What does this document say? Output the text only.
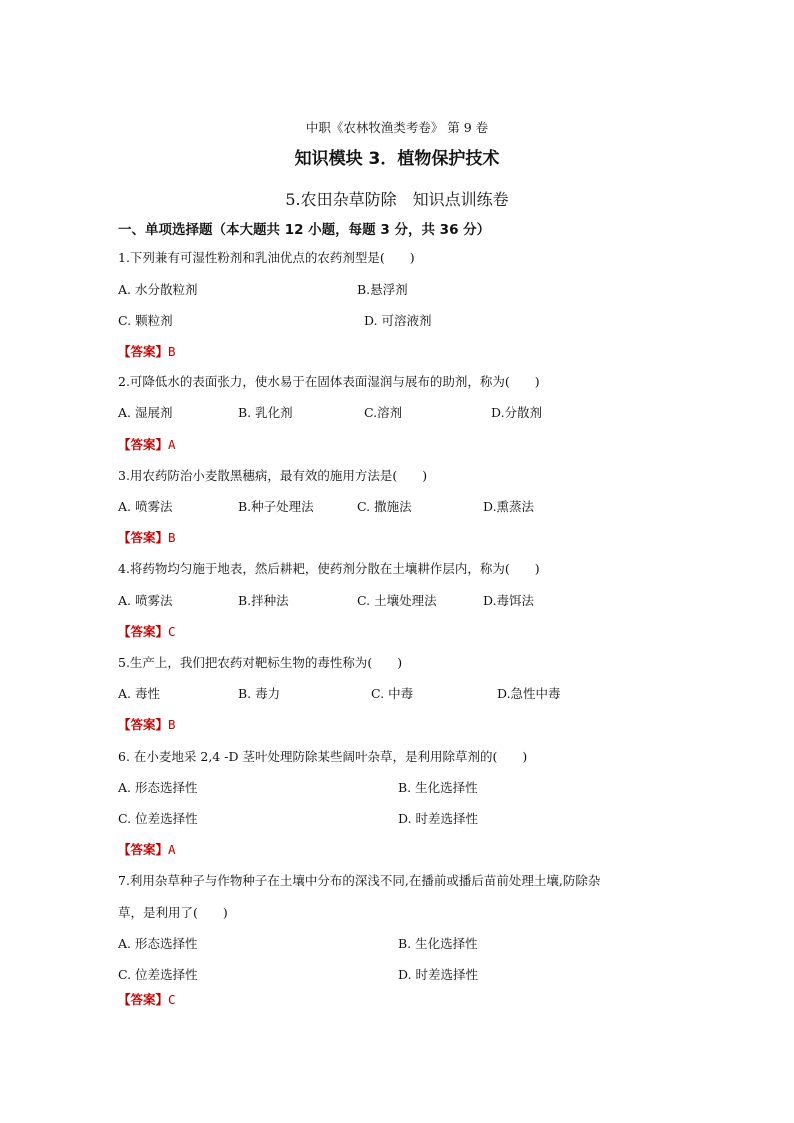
中职《农林牧渔类考卷》 第 9 卷
知识模块 3．植物保护技术
5.农田杂草防除　知识点训练卷
一、单项选择题（本大题共 12 小题，每题 3 分，共 36 分）
1.下列兼有可湿性粉剂和乳油优点的农药剂型是(　　)
A. 水分散粒剂	B.悬浮剂
C. 颗粒剂	D. 可溶液剂
【答案】B
2.可降低水的表面张力，使水易于在固体表面湿润与展布的助剂，称为(　　)
A. 湿展剂	B. 乳化剂	C.溶剂	D.分散剂
【答案】A
3.用农药防治小麦散黑穗病，最有效的施用方法是(　　)
A. 喷雾法	B.种子处理法	C. 撒施法	D.熏蒸法
【答案】B
4.将药物均匀施于地表，然后耕耙，使药剂分散在土壤耕作层内，称为(　　)
A. 喷雾法	B.拌种法	C. 土壤处理法	D.毒饵法
【答案】C
5.生产上，我们把农药对靶标生物的毒性称为(　　)
A. 毒性	B. 毒力	C. 中毒	D.急性中毒
【答案】B
6. 在小麦地采 2,4 -D 茎叶处理防除某些阔叶杂草，是利用除草剂的(　　)
A. 形态选择性	B. 生化选择性
C. 位差选择性	D. 时差选择性
【答案】A
7.利用杂草种子与作物种子在土壤中分布的深浅不同,在播前或播后苗前处理土壤,防除杂
草，是利用了(　　)
A. 形态选择性	B. 生化选择性
C. 位差选择性	D. 时差选择性
【答案】C
